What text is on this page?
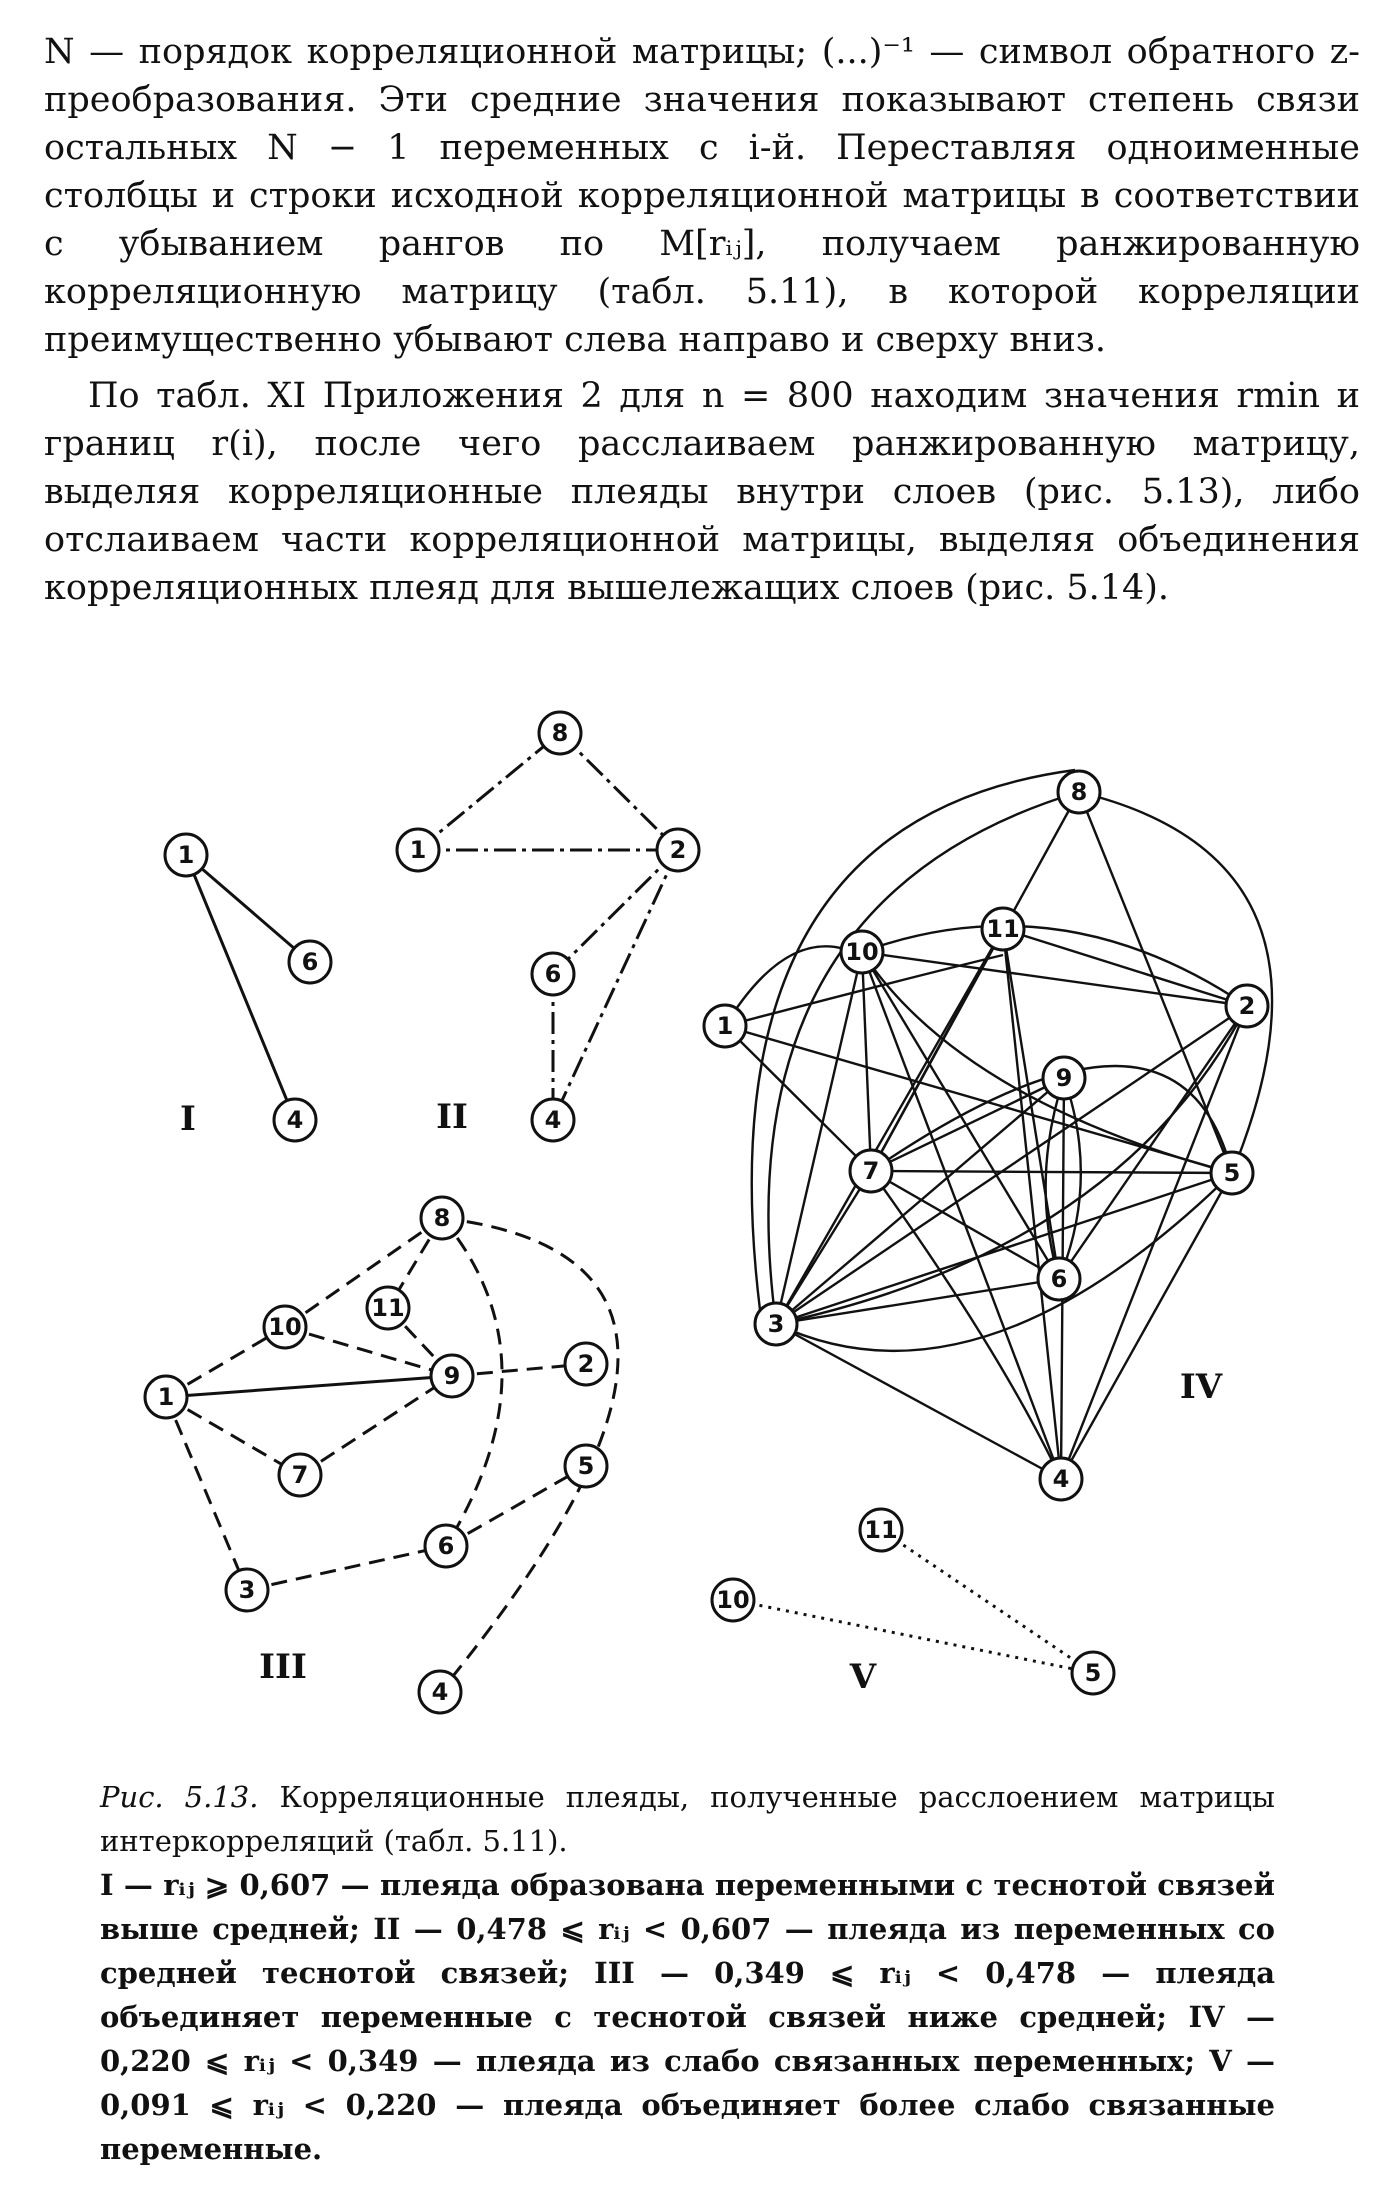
N — порядок корреляционной матрицы; (...)⁻¹ — символ обратного z-преобразования. Эти средние значения показывают степень связи остальных N − 1 переменных с i-й. Переставляя одноименные столбцы и строки исходной корреляционной матрицы в соответствии с убыванием рангов по M[rᵢⱼ], получаем ранжированную корреляционную матрицу (табл. 5.11), в которой корреляции преимущественно убывают слева направо и сверху вниз.

По табл. XI Приложения 2 для n = 800 находим значения rmin и границ r(i), после чего расслаиваем ранжированную матрицу, выделяя корреляционные плеяды внутри слоев (рис. 5.13), либо отслаиваем части корреляционной матрицы, выделяя объединения корреляционных плеяд для вышележащих слоев (рис. 5.14).

1
6
4
I
8
1	2
6
4
II
8
10
11
1
9	2
7	5
6
3
4
III
8
10
11
1
2
9
7	5
6
3
4
IV
11
10
5
V

Рис. 5.13. Корреляционные плеяды, полученные расслоением матрицы интеркорреляций (табл. 5.11).

I — rᵢⱼ ⩾ 0,607 — плеяда образована переменными с теснотой связей выше средней; II — 0,478 ⩽ rᵢⱼ < 0,607 — плеяда из переменных со средней теснотой связей; III — 0,349 ⩽ rᵢⱼ < 0,478 — плеяда объединяет переменные с теснотой связей ниже средней; IV — 0,220 ⩽ rᵢⱼ < 0,349 — плеяда из слабо связанных переменных; V — 0,091 ⩽ rᵢⱼ < 0,220 — плеяда объединяет более слабо связанные переменные.
